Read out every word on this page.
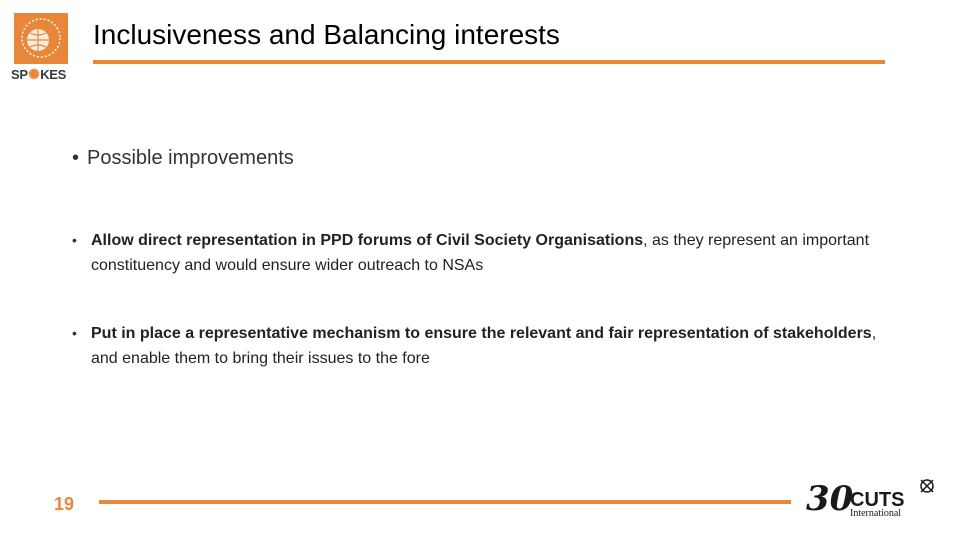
SP ✺ KES
Inclusiveness and Balancing interests
• Possible improvements
• Allow direct representation in PPD forums of Civil Society Organisations, as they represent an important constituency and would ensure wider outreach to NSAs
• Put in place a representative mechanism to ensure the relevant and fair representation of stakeholders, and enable them to bring their issues to the fore
19	30
CUTS
International
